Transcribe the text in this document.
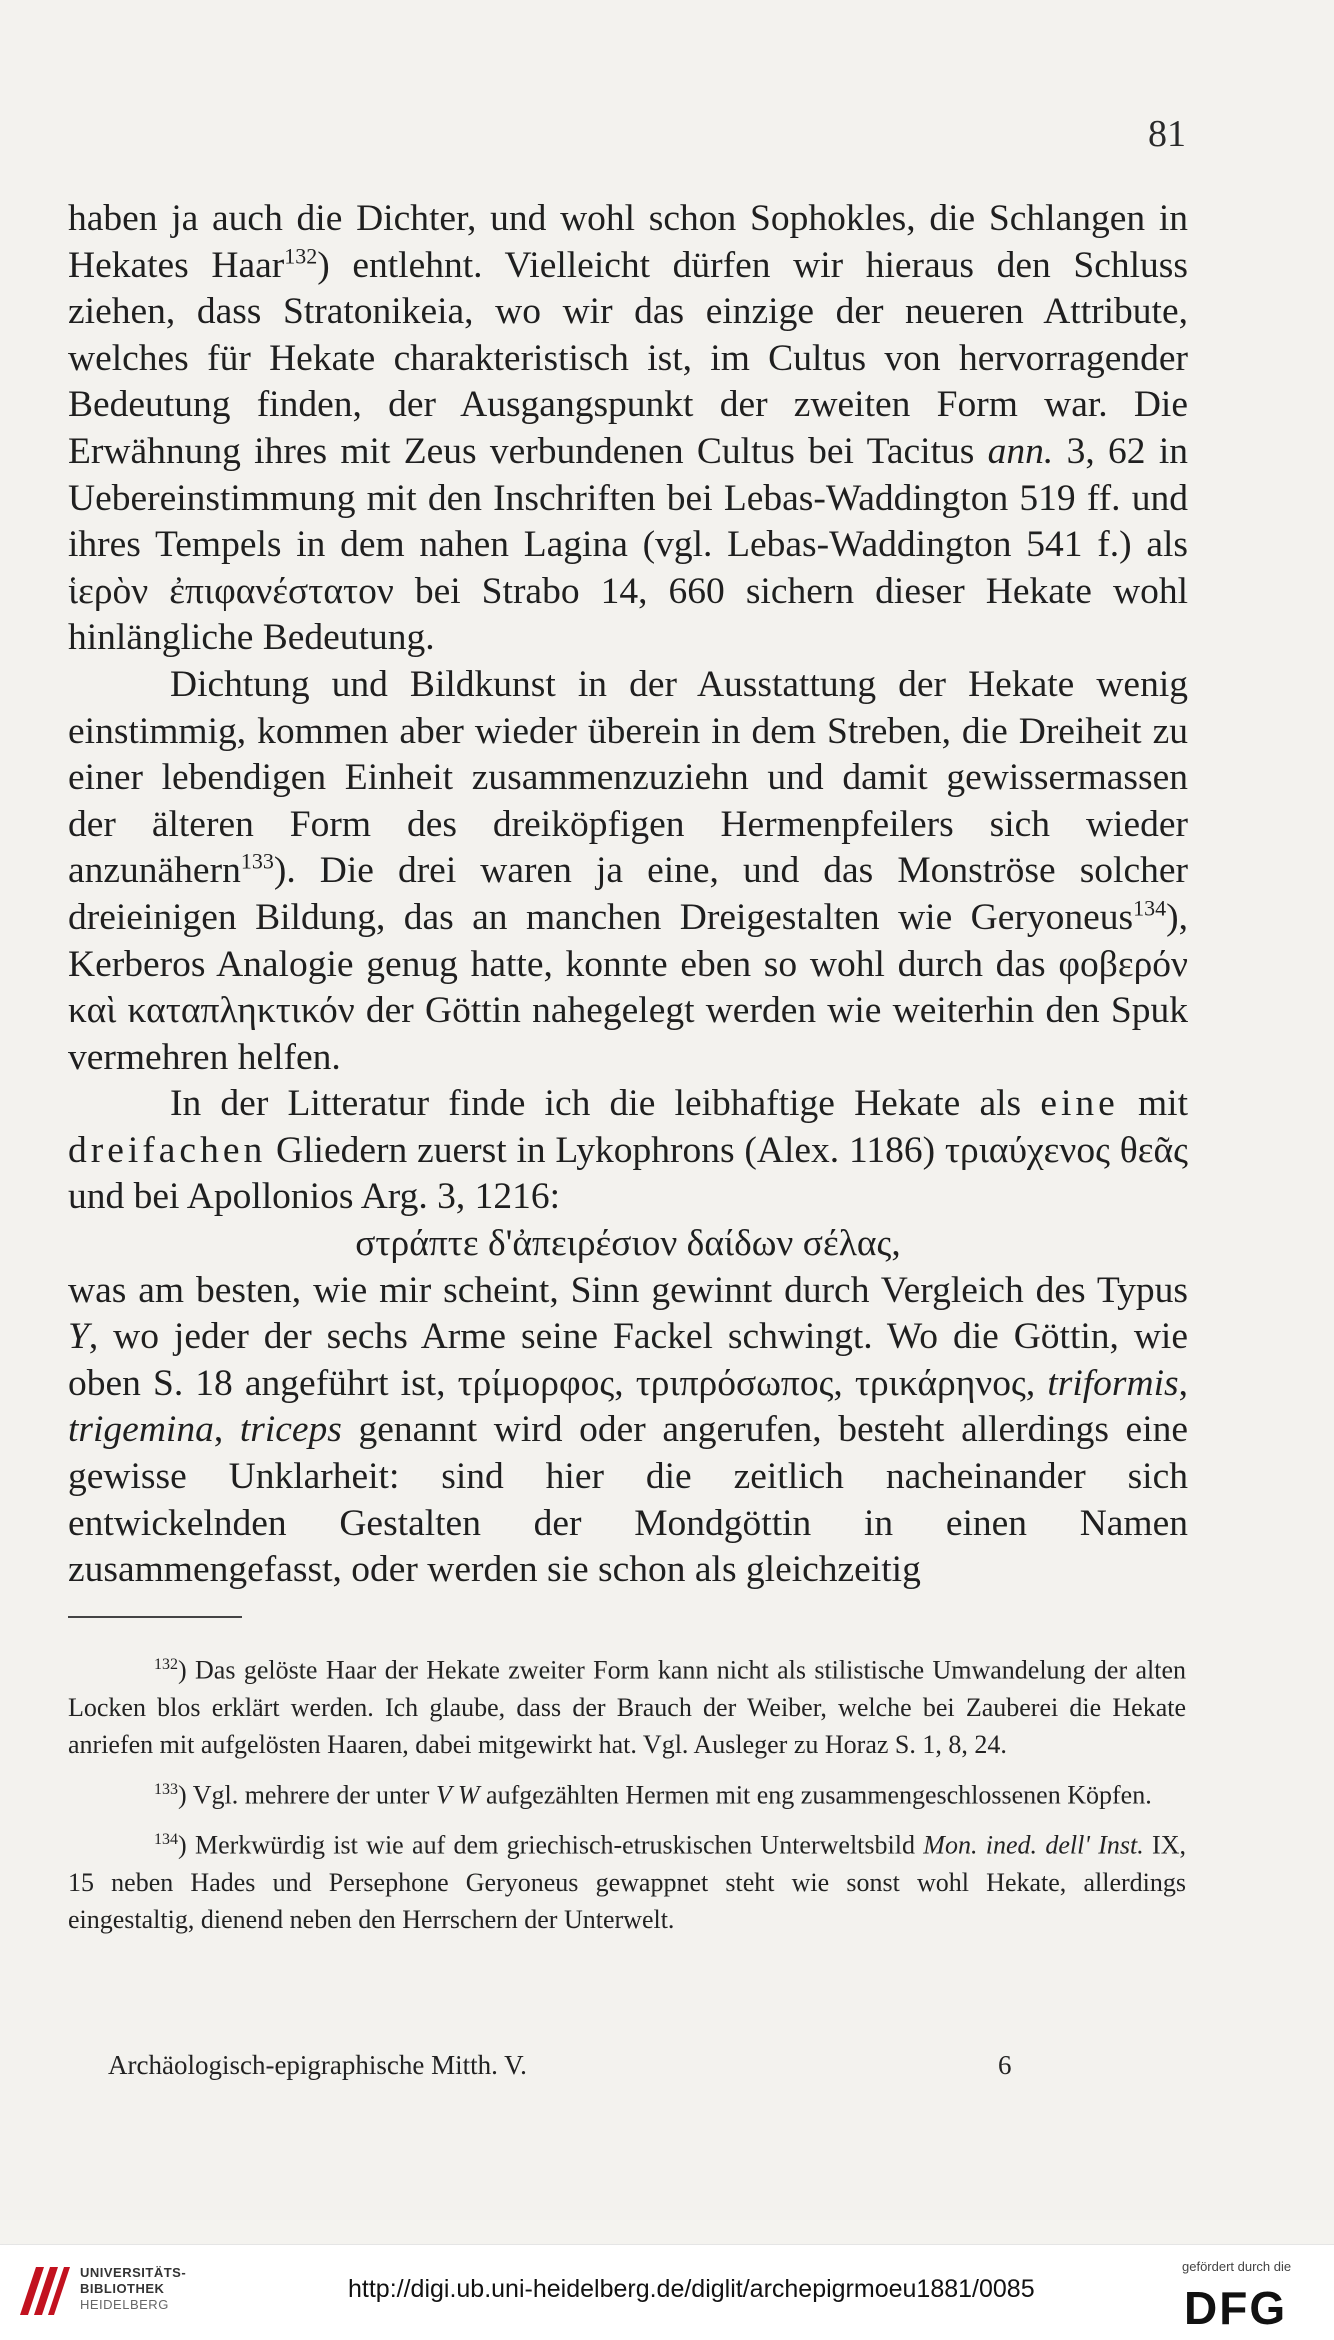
81

haben ja auch die Dichter, und wohl schon Sophokles, die Schlangen in Hekates Haar$^{132}$) entlehnt. Vielleicht dürfen wir hieraus den Schluss ziehen, dass Stratonikeia, wo wir das einzige der neueren Attribute, welches für Hekate charakteristisch ist, im Cultus von hervorragender Bedeutung finden, der Ausgangspunkt der zweiten Form war. Die Erwähnung ihres mit Zeus verbundenen Cultus bei Tacitus ann. 3, 62 in Uebereinstimmung mit den Inschriften bei Lebas-Waddington 519 ff. und ihres Tempels in dem nahen Lagina (vgl. Lebas-Waddington 541 f.) als ἱερὸν ἐπιφανέστατον bei Strabo 14, 660 sichern dieser Hekate wohl hinlängliche Bedeutung.

Dichtung und Bildkunst in der Ausstattung der Hekate wenig einstimmig, kommen aber wieder überein in dem Streben, die Dreiheit zu einer lebendigen Einheit zusammenzuziehn und damit gewissermassen der älteren Form des dreiköpfigen Hermenpfeilers sich wieder anzunähern$^{133}$). Die drei waren ja eine, und das Monströse solcher dreieinigen Bildung, das an manchen Dreigestalten wie Geryoneus$^{134}$), Kerberos Analogie genug hatte, konnte eben so wohl durch das φοβερόν καὶ καταπληκτικόν der Göttin nahegelegt werden wie weiterhin den Spuk vermehren helfen.

In der Litteratur finde ich die leibhaftige Hekate als eine mit dreifachen Gliedern zuerst in Lykophrons (Alex. 1186) τριαύχενος θεᾶς und bei Apollonios Arg. 3, 1216:

στράπτε δ'ἀπειρέσιον δαίδων σέλας,

was am besten, wie mir scheint, Sinn gewinnt durch Vergleich des Typus Y, wo jeder der sechs Arme seine Fackel schwingt. Wo die Göttin, wie oben S. 18 angeführt ist, τρίμορφος, τριπρόσωπος, τρικάρηνος, triformis, trigemina, triceps genannt wird oder angerufen, besteht allerdings eine gewisse Unklarheit: sind hier die zeitlich nacheinander sich entwickelnden Gestalten der Mondgöttin in einen Namen zusammengefasst, oder werden sie schon als gleichzeitig

$^{132}$) Das gelöste Haar der Hekate zweiter Form kann nicht als stilistische Umwandelung der alten Locken blos erklärt werden. Ich glaube, dass der Brauch der Weiber, welche bei Zauberei die Hekate anriefen mit aufgelösten Haaren, dabei mitgewirkt hat. Vgl. Ausleger zu Horaz S. 1, 8, 24.

$^{133}$) Vgl. mehrere der unter V W aufgezählten Hermen mit eng zusammengeschlossenen Köpfen.

$^{134}$) Merkwürdig ist wie auf dem griechisch-etruskischen Unterweltsbild Mon. ined. dell' Inst. IX, 15 neben Hades und Persephone Geryoneus gewappnet steht wie sonst wohl Hekate, allerdings eingestaltig, dienend neben den Herrschern der Unterwelt.

Archäologisch-epigraphische Mitth. V.	6
UNIVERSITÄTS-
BIBLIOTHEK
HEIDELBERG
http://digi.ub.uni-heidelberg.de/diglit/archepigrmoeu1881/0085
gefördert durch die
DFG
